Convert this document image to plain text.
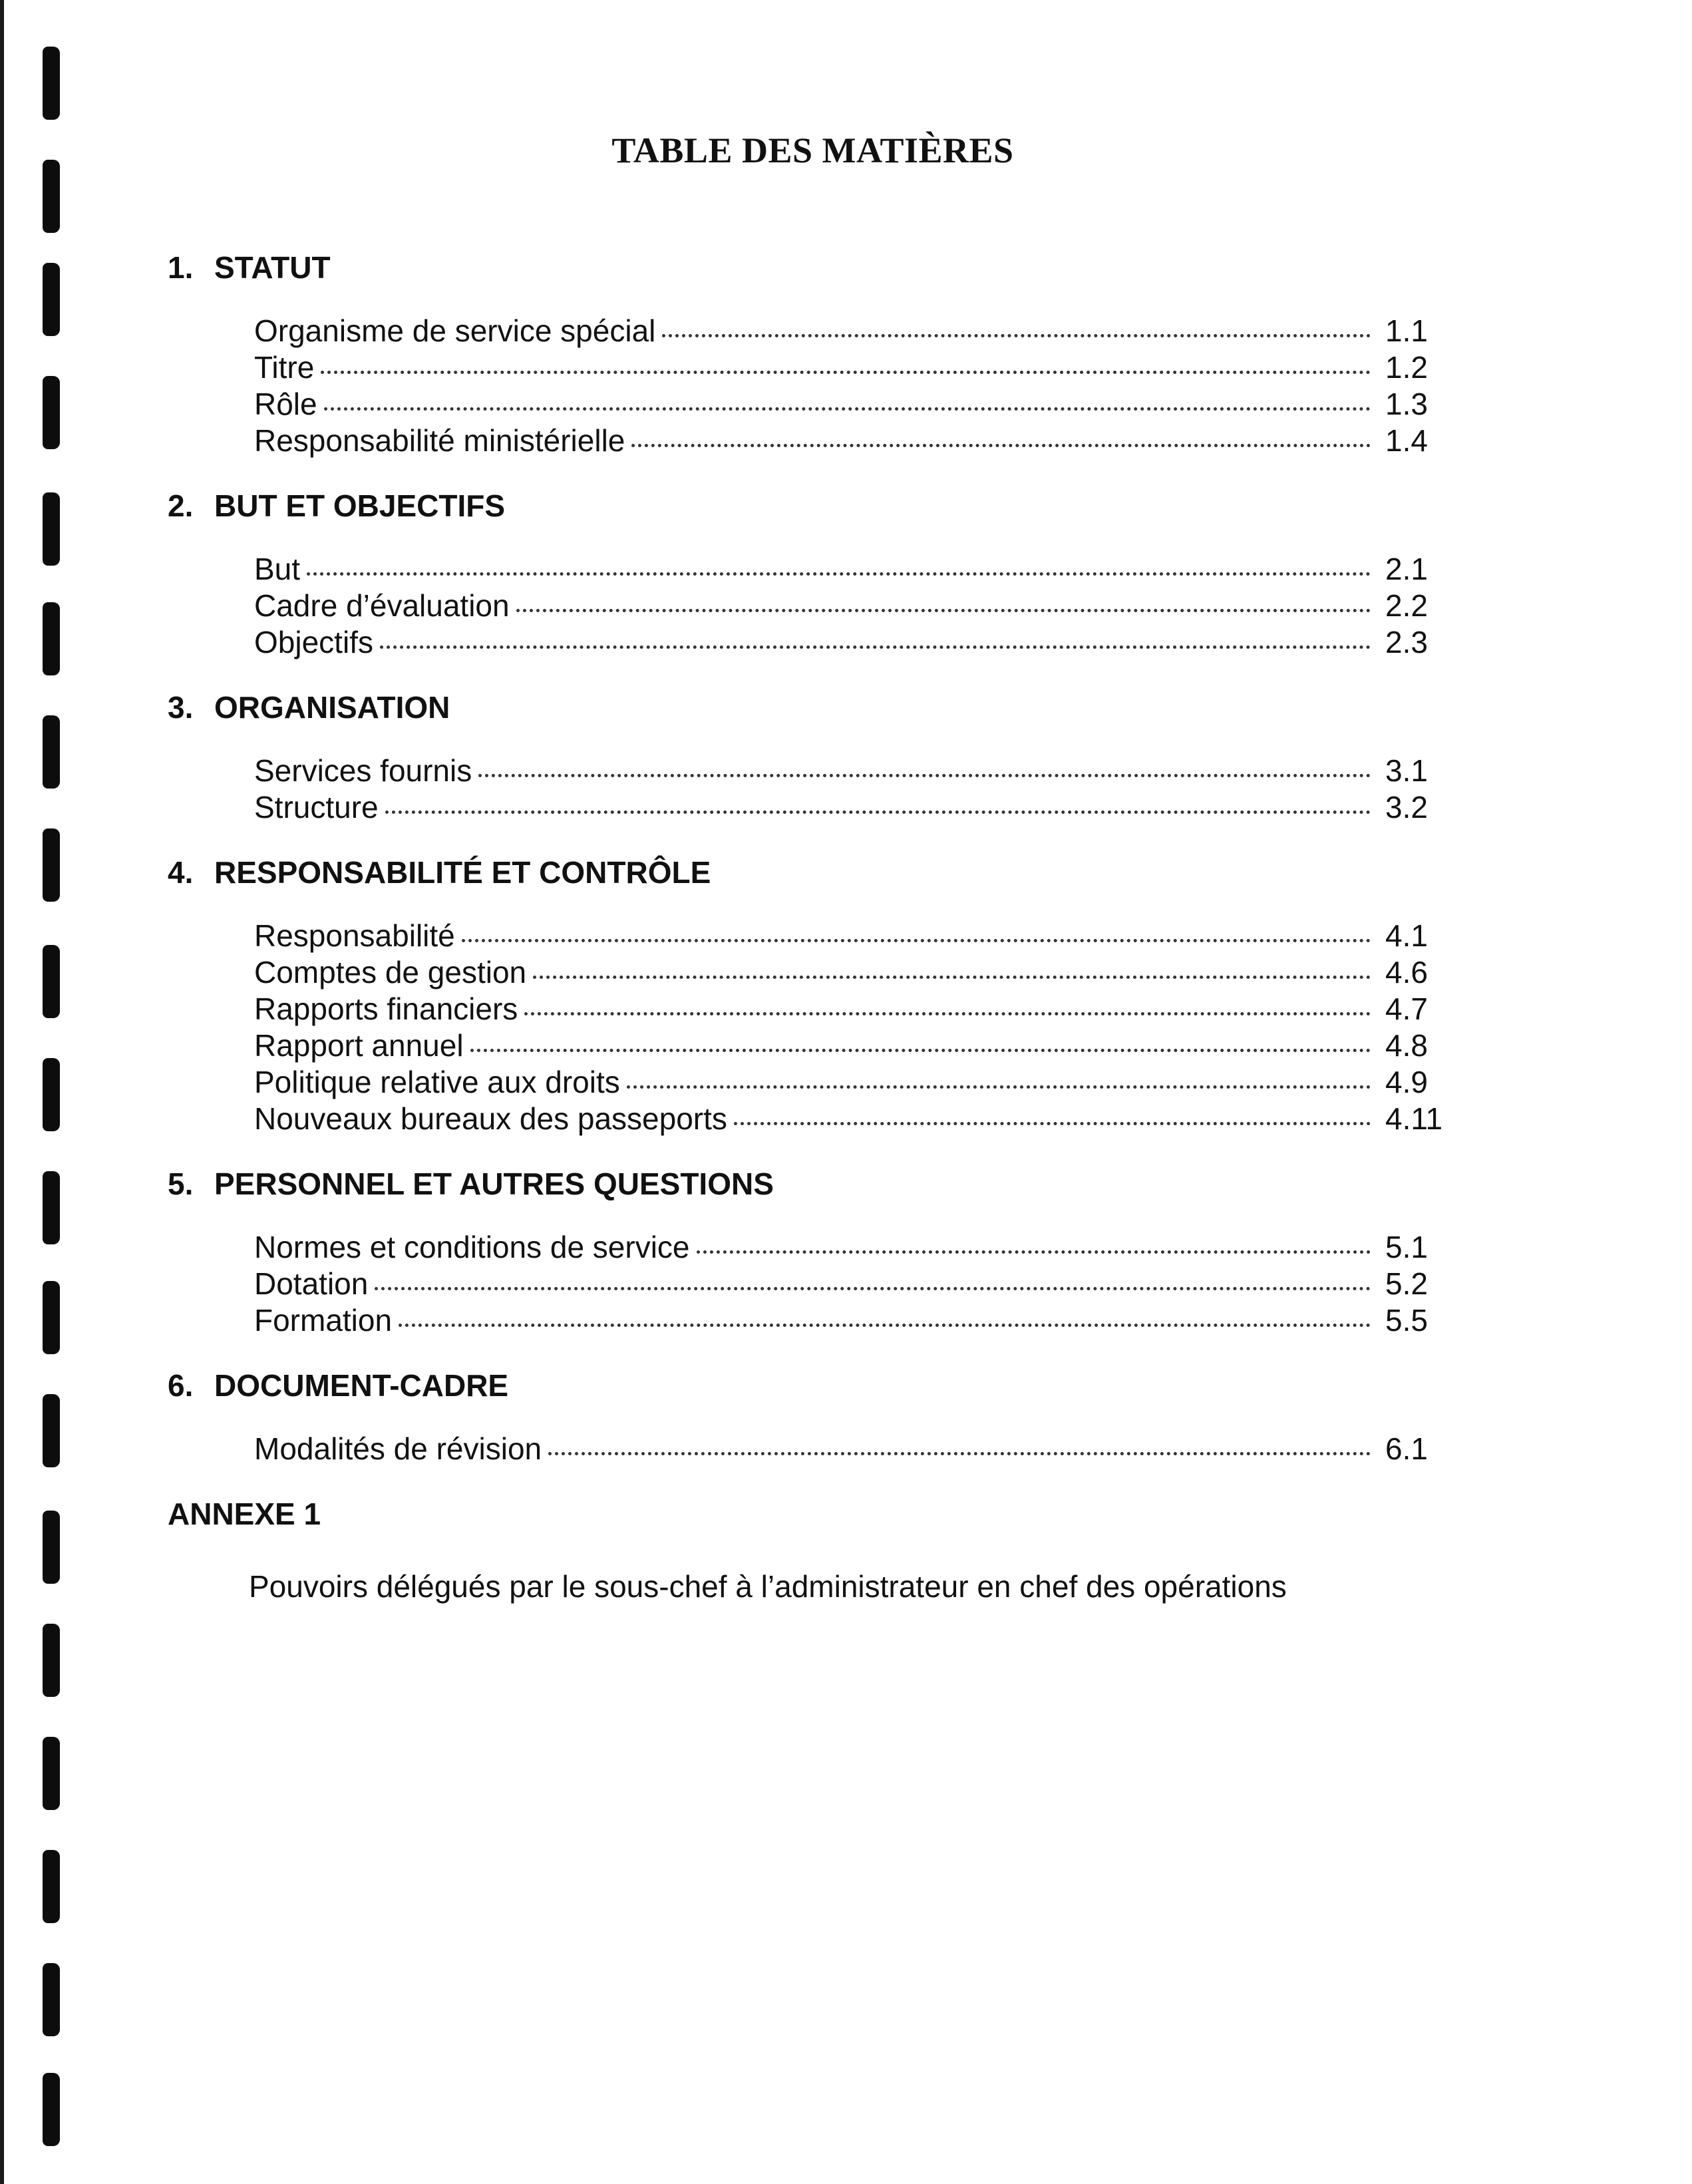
TABLE DES MATIÈRES
1. STATUT
Organisme de service spécial	1.1
Titre	1.2
Rôle	1.3
Responsabilité ministérielle	1.4
2. BUT ET OBJECTIFS
But	2.1
Cadre d’évaluation	2.2
Objectifs	2.3
3. ORGANISATION
Services fournis	3.1
Structure	3.2
4. RESPONSABILITÉ ET CONTRÔLE
Responsabilité	4.1
Comptes de gestion	4.6
Rapports financiers	4.7
Rapport annuel	4.8
Politique relative aux droits	4.9
Nouveaux bureaux des passeports	4.11
5. PERSONNEL ET AUTRES QUESTIONS
Normes et conditions de service	5.1
Dotation	5.2
Formation	5.5
6. DOCUMENT-CADRE
Modalités de révision	6.1
ANNEXE 1
Pouvoirs délégués par le sous-chef à l’administrateur en chef des opérations
